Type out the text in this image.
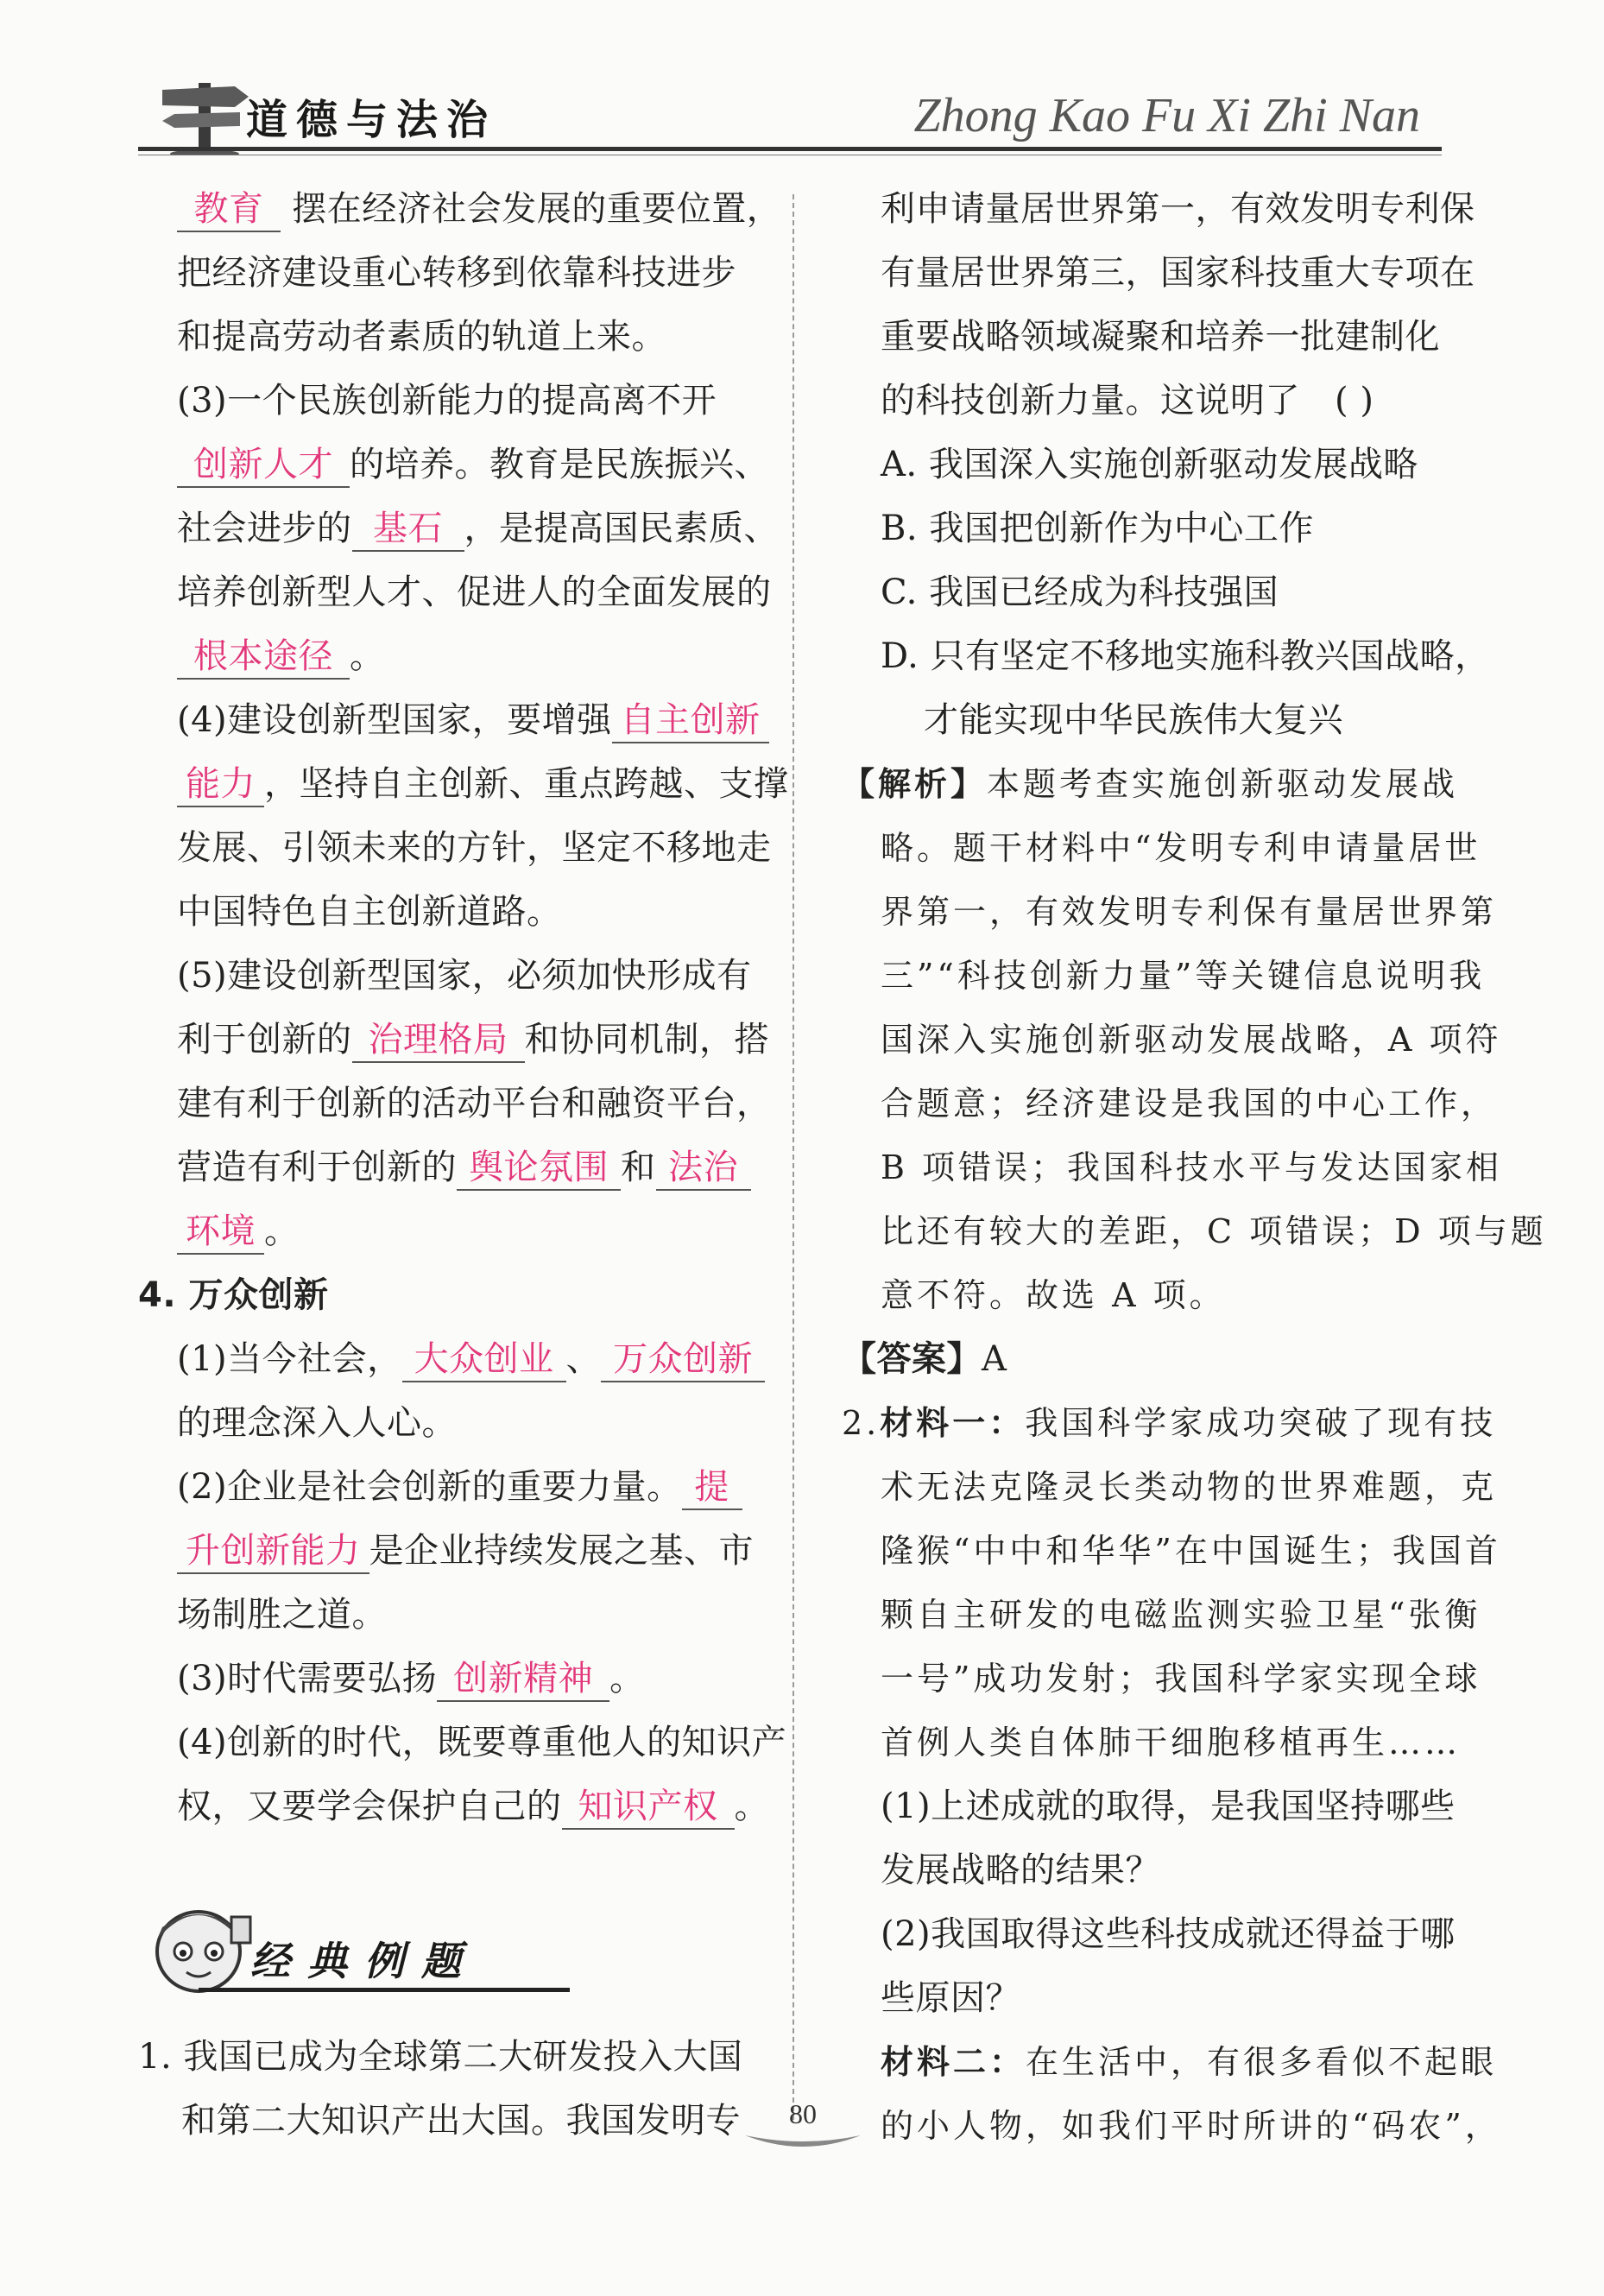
道德与法治	Zhong Kao Fu Xi Zhi Nan
教育 摆在经济社会发展的重要位置，
把经济建设重心转移到依靠科技进步
和提高劳动者素质的轨道上来。
(3)一个民族创新能力的提高离不开
创新人才 的培养。教育是民族振兴、
社会进步的 基石 ，是提高国民素质、
培养创新型人才、促进人的全面发展的
根本途径 。
(4)建设创新型国家，要增强 自主创新
能力 ，坚持自主创新、重点跨越、支撑
发展、引领未来的方针，坚定不移地走
中国特色自主创新道路。
(5)建设创新型国家，必须加快形成有
利于创新的 治理格局 和协同机制，搭
建有利于创新的活动平台和融资平台，
营造有利于创新的 舆论氛围 和 法治
环境 。
4. 万众创新
(1)当今社会， 大众创业 、 万众创新
的理念深入人心。
(2)企业是社会创新的重要力量。 提
升创新能力 是企业持续发展之基、市
场制胜之道。
(3)时代需要弘扬 创新精神 。
(4)创新的时代，既要尊重他人的知识产
权，又要学会保护自己的 知识产权 。
经典例题
1. 我国已成为全球第二大研发投入大国
和第二大知识产出大国。我国发明专
利申请量居世界第一，有效发明专利保
有量居世界第三，国家科技重大专项在
重要战略领域凝聚和培养一批建制化
的科技创新力量。这说明了 ( )
A. 我国深入实施创新驱动发展战略
B. 我国把创新作为中心工作
C. 我国已经成为科技强国
D. 只有坚定不移地实施科教兴国战略，
才能实现中华民族伟大复兴
【解析】本题考查实施创新驱动发展战
略。题干材料中“发明专利申请量居世
界第一，有效发明专利保有量居世界第
三”“科技创新力量”等关键信息说明我
国深入实施创新驱动发展战略，A 项符
合题意；经济建设是我国的中心工作，
B 项错误；我国科技水平与发达国家相
比还有较大的差距，C 项错误；D 项与题
意不符。故选 A 项。
【答案】A
2.材料一：我国科学家成功突破了现有技
术无法克隆灵长类动物的世界难题，克
隆猴“中中和华华”在中国诞生；我国首
颗自主研发的电磁监测实验卫星“张衡
一号”成功发射；我国科学家实现全球
首例人类自体肺干细胞移植再生……
(1)上述成就的取得，是我国坚持哪些
发展战略的结果？
(2)我国取得这些科技成就还得益于哪
些原因？
材料二：在生活中，有很多看似不起眼
的小人物，如我们平时所讲的“码农”，
80
